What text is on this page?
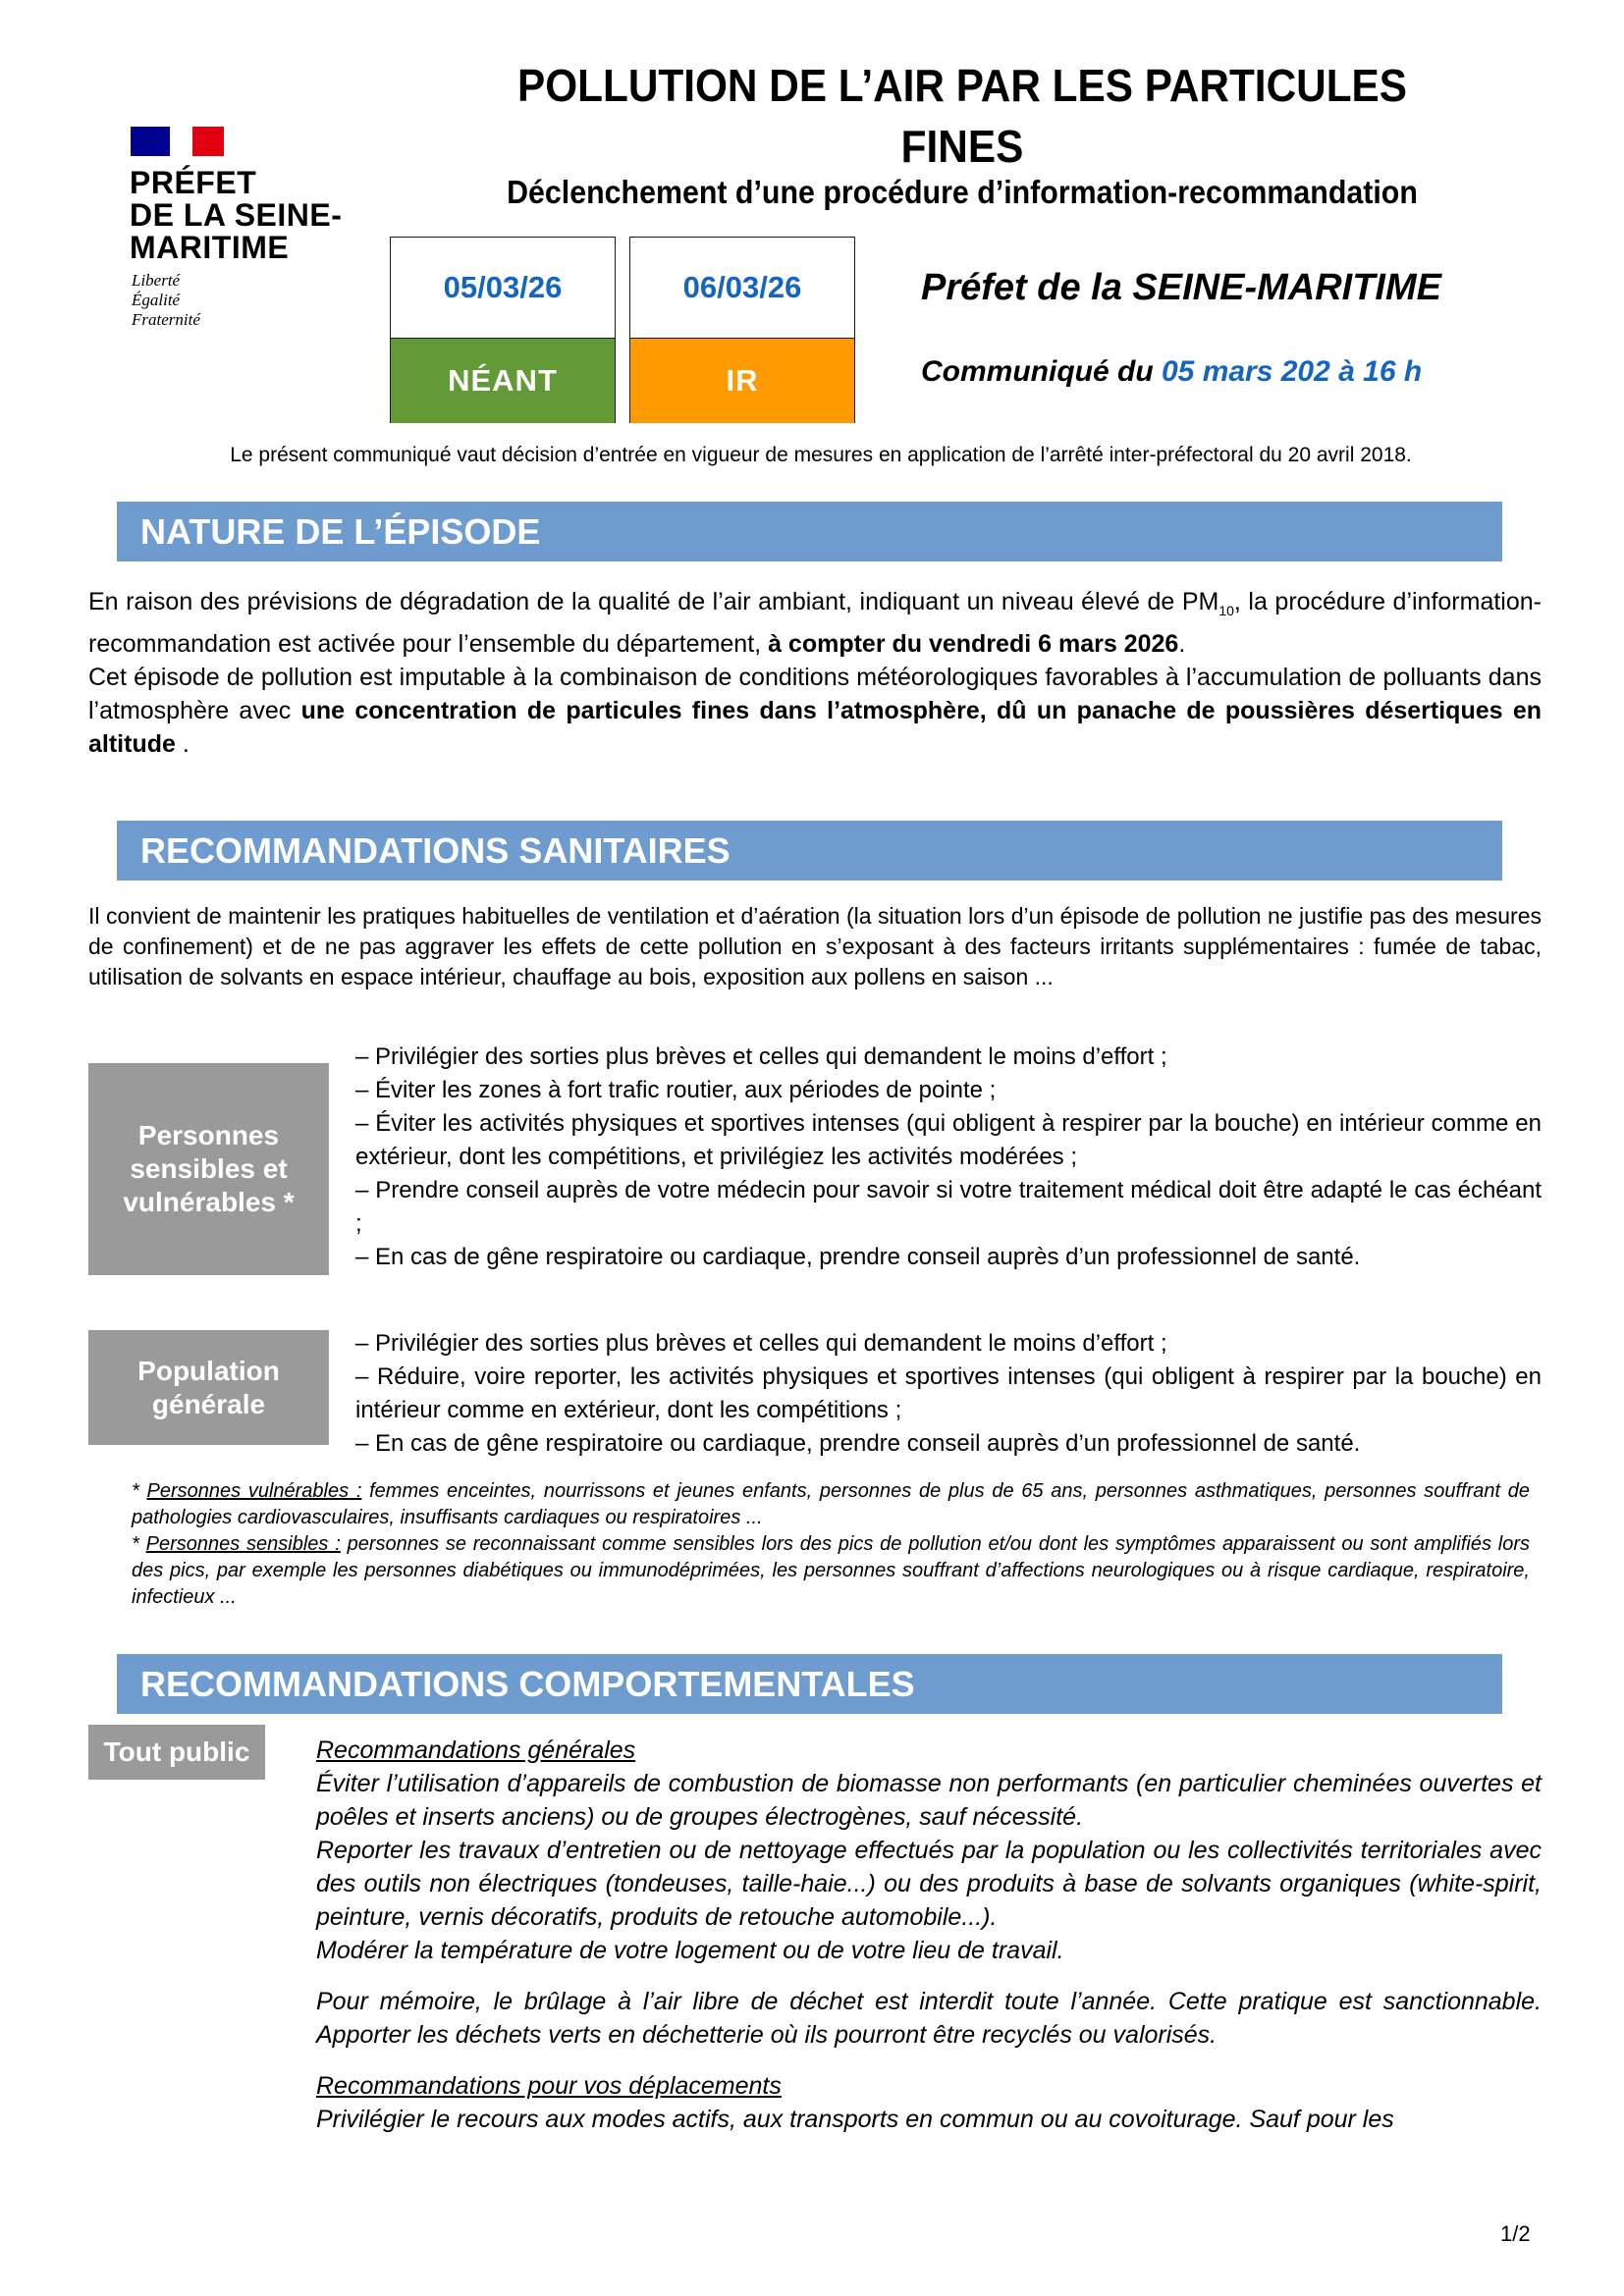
PRÉFET
DE LA SEINE-
MARITIME
Liberté
Égalité
Fraternité
POLLUTION DE L’AIR PAR LES PARTICULES
FINES
Déclenchement d’une procédure d’information-recommandation
05/03/26
NÉANT
06/03/26
IR
Préfet de la SEINE-MARITIME
Communiqué du 05 mars 202 à 16 h
Le présent communiqué vaut décision d’entrée en vigueur de mesures en application de l’arrêté inter-préfectoral du 20 avril 2018.
NATURE DE L’ÉPISODE
En raison des prévisions de dégradation de la qualité de l’air ambiant, indiquant un niveau élevé de $PM_{10}$, la procédure d’information-recommandation est activée pour l’ensemble du département, à compter du vendredi 6 mars 2026.
Cet épisode de pollution est imputable à la combinaison de conditions météorologiques favorables à l’accumulation de polluants dans l’atmosphère avec une concentration de particules fines dans l’atmosphère, dû un panache de poussières désertiques en altitude .
RECOMMANDATIONS SANITAIRES
Il convient de maintenir les pratiques habituelles de ventilation et d’aération (la situation lors d’un épisode de pollution ne justifie pas des mesures de confinement) et de ne pas aggraver les effets de cette pollution en s’exposant à des facteurs irritants supplémentaires : fumée de tabac, utilisation de solvants en espace intérieur, chauffage au bois, exposition aux pollens en saison ...
Personnes sensibles et vulnérables *
– Privilégier des sorties plus brèves et celles qui demandent le moins d’effort ;
– Éviter les zones à fort trafic routier, aux périodes de pointe ;
– Éviter les activités physiques et sportives intenses (qui obligent à respirer par la bouche) en intérieur comme en extérieur, dont les compétitions, et privilégiez les activités modérées ;
– Prendre conseil auprès de votre médecin pour savoir si votre traitement médical doit être adapté le cas échéant ;
– En cas de gêne respiratoire ou cardiaque, prendre conseil auprès d’un professionnel de santé.
Population générale
– Privilégier des sorties plus brèves et celles qui demandent le moins d’effort ;
– Réduire, voire reporter, les activités physiques et sportives intenses (qui obligent à respirer par la bouche) en intérieur comme en extérieur, dont les compétitions ;
– En cas de gêne respiratoire ou cardiaque, prendre conseil auprès d’un professionnel de santé.
* Personnes vulnérables : femmes enceintes, nourrissons et jeunes enfants, personnes de plus de 65 ans, personnes asthmatiques, personnes souffrant de pathologies cardiovasculaires, insuffisants cardiaques ou respiratoires ...
* Personnes sensibles : personnes se reconnaissant comme sensibles lors des pics de pollution et/ou dont les symptômes apparaissent ou sont amplifiés lors des pics, par exemple les personnes diabétiques ou immunodéprimées, les personnes souffrant d’affections neurologiques ou à risque cardiaque, respiratoire, infectieux ...
RECOMMANDATIONS COMPORTEMENTALES
Tout public	Recommandations générales
Éviter l’utilisation d’appareils de combustion de biomasse non performants (en particulier cheminées ouvertes et poêles et inserts anciens) ou de groupes électrogènes, sauf nécessité.
Reporter les travaux d’entretien ou de nettoyage effectués par la population ou les collectivités territoriales avec des outils non électriques (tondeuses, taille-haie...) ou des produits à base de solvants organiques (white-spirit, peinture, vernis décoratifs, produits de retouche automobile...).
Modérer la température de votre logement ou de votre lieu de travail.
Pour mémoire, le brûlage à l’air libre de déchet est interdit toute l’année. Cette pratique est sanctionnable. Apporter les déchets verts en déchetterie où ils pourront être recyclés ou valorisés.
Recommandations pour vos déplacements
Privilégier le recours aux modes actifs, aux transports en commun ou au covoiturage. Sauf pour les
1/2
